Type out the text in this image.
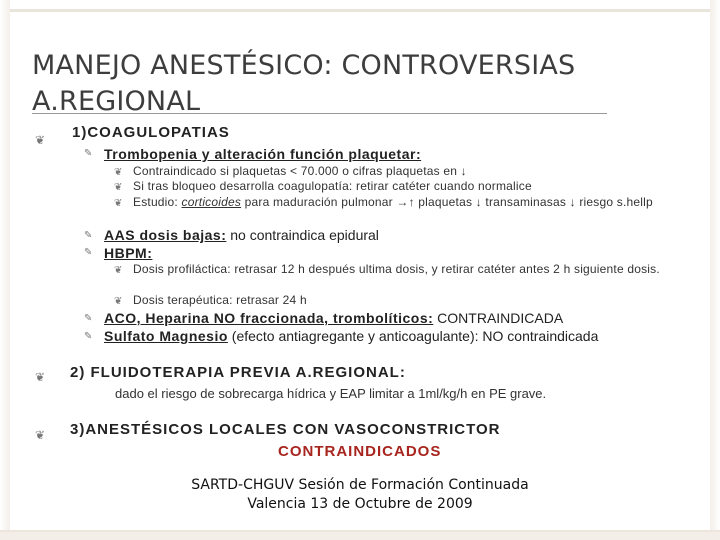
MANEJO ANESTÉSICO: CONTROVERSIAS
A.REGIONAL
❦ 1)COAGULOPATIAS
✎ Trombopenia y alteración función plaquetar:
❦ Contraindicado si plaquetas < 70.000 o cifras plaquetas en ↓
❦ Si tras bloqueo desarrolla coagulopatía: retirar catéter cuando normalice
❦ Estudio: corticoides para maduración pulmonar →↑ plaquetas ↓ transaminasas ↓ riesgo s.hellp
✎ AAS dosis bajas: no contraindica epidural
✎ HBPM:
❦ Dosis profiláctica: retrasar 12 h después ultima dosis, y retirar catéter antes 2 h siguiente dosis.
❦ Dosis terapéutica: retrasar 24 h
✎ ACO, Heparina NO fraccionada, trombolíticos: CONTRAINDICADA
✎ Sulfato Magnesio (efecto antiagregante y anticoagulante): NO contraindicada
❦ 2) FLUIDOTERAPIA PREVIA A.REGIONAL:
dado el riesgo de sobrecarga hídrica y EAP limitar a 1ml/kg/h en PE grave.
❦ 3)ANESTÉSICOS LOCALES CON VASOCONSTRICTOR
CONTRAINDICADOS
SARTD-CHGUV Sesión de Formación Continuada
Valencia 13 de Octubre de 2009
